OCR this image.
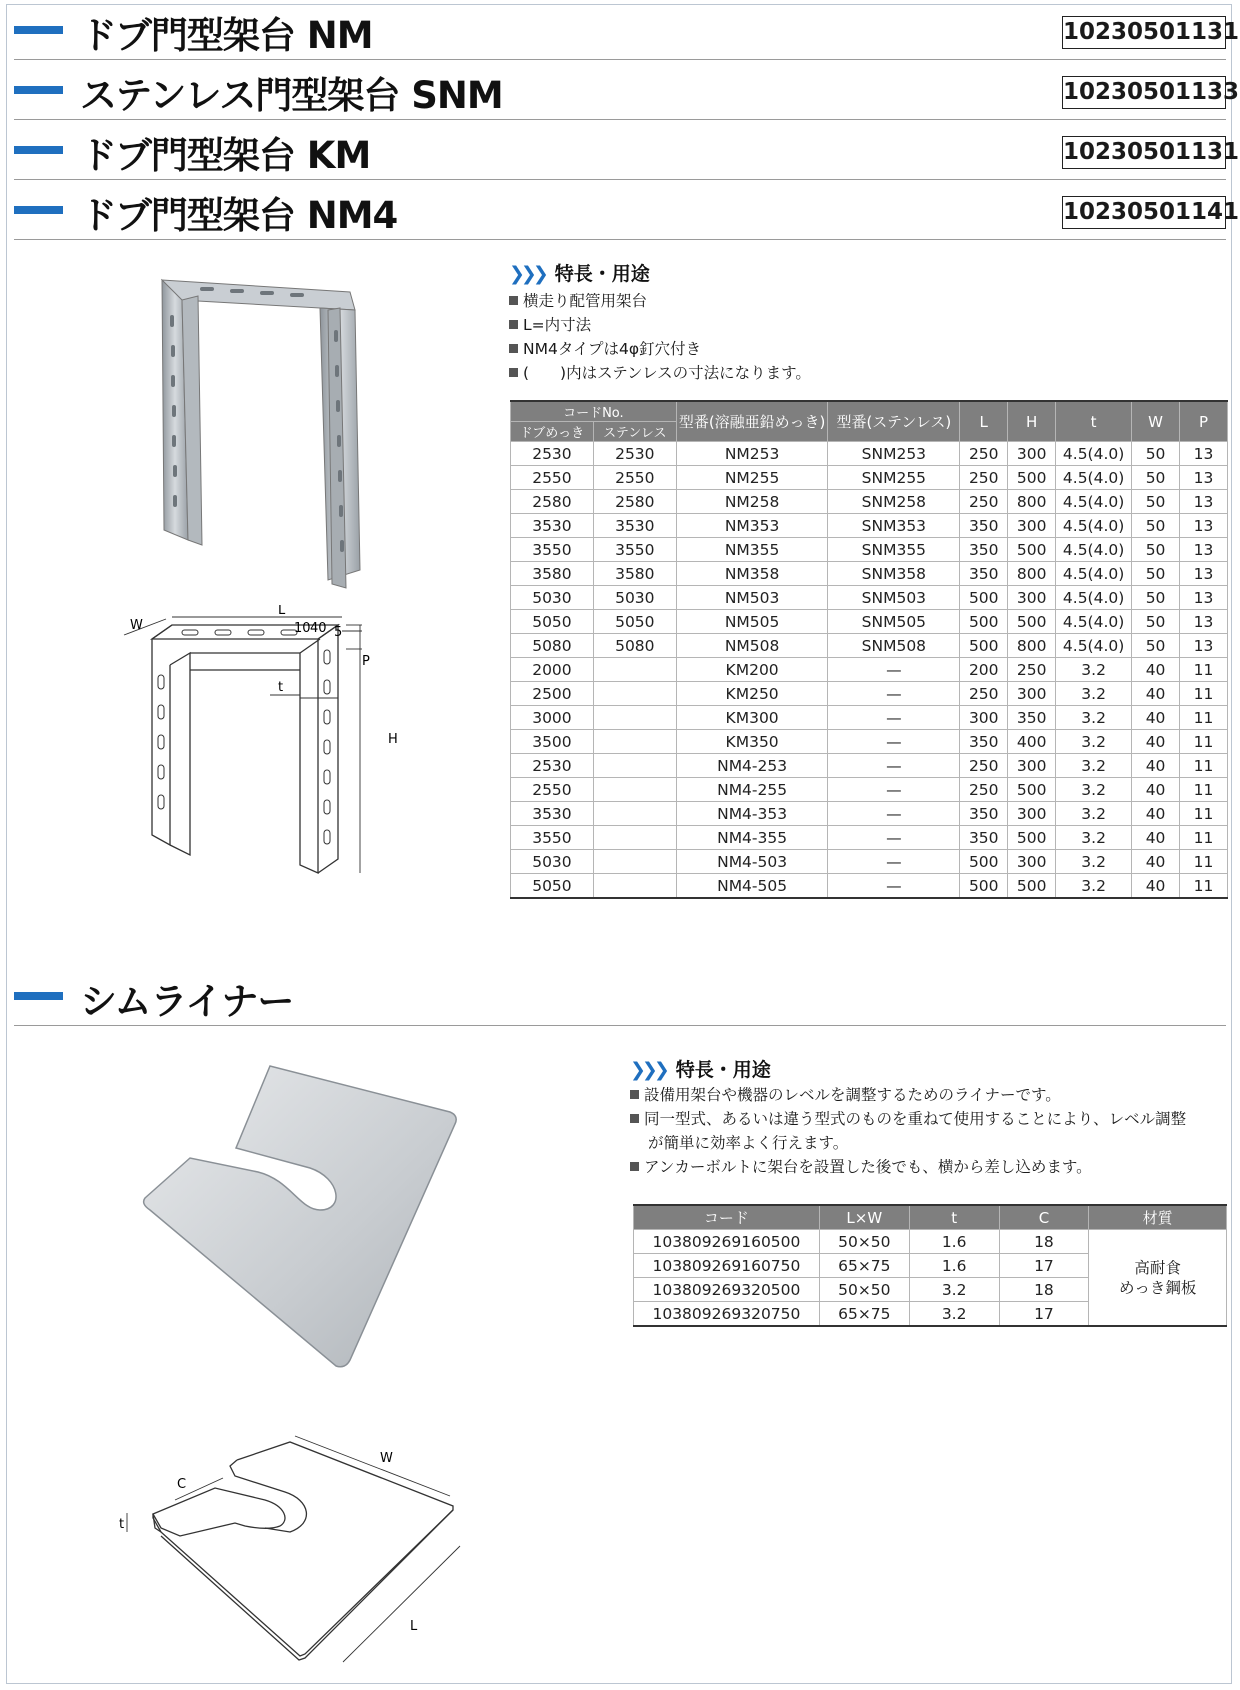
ドブ門型架台 NM	10230501131
ステンレス門型架台 SNM	10230501133
ドブ門型架台 KM	10230501131
ドブ門型架台 NM4	10230501141
W
L
10 40 5
P
t
H
❯❯❯ 特長・用途
横走り配管用架台
L=内寸法
NM4タイプは4φ釘穴付き
(　　)内はステンレスの寸法になります。
コードNo.		型番(溶融亜鉛めっき)	型番(ステンレス)	L	H	t	W	P
ドブめっき	ステンレス							
2530	2530	NM253	SNM253	250	300	4.5(4.0)	50	13
2550	2550	NM255	SNM255	250	500	4.5(4.0)	50	13
2580	2580	NM258	SNM258	250	800	4.5(4.0)	50	13
3530	3530	NM353	SNM353	350	300	4.5(4.0)	50	13
3550	3550	NM355	SNM355	350	500	4.5(4.0)	50	13
3580	3580	NM358	SNM358	350	800	4.5(4.0)	50	13
5030	5030	NM503	SNM503	500	300	4.5(4.0)	50	13
5050	5050	NM505	SNM505	500	500	4.5(4.0)	50	13
5080	5080	NM508	SNM508	500	800	4.5(4.0)	50	13
2000		KM200	—	200	250	3.2	40	11
2500		KM250	—	250	300	3.2	40	11
3000		KM300	—	300	350	3.2	40	11
3500		KM350	—	350	400	3.2	40	11
2530		NM4-253	—	250	300	3.2	40	11
2550		NM4-255	—	250	500	3.2	40	11
3530		NM4-353	—	350	300	3.2	40	11
3550		NM4-355	—	350	500	3.2	40	11
5030		NM4-503	—	500	300	3.2	40	11
5050		NM4-505	—	500	500	3.2	40	11
シムライナー
C
W
t
L
❯❯❯ 特長・用途
設備用架台や機器のレベルを調整するためのライナーです。
同一型式、あるいは違う型式のものを重ねて使用することにより、レベル調整
が簡単に効率よく行えます。
アンカーボルトに架台を設置した後でも、横から差し込めます。
コード	L×W	t	C	材質
103809269160500	50×50	1.6	18	高耐食
めっき鋼板

103809269160750	65×75	1.6	17	
103809269320500	50×50	3.2	18	
103809269320750	65×75	3.2	17	
